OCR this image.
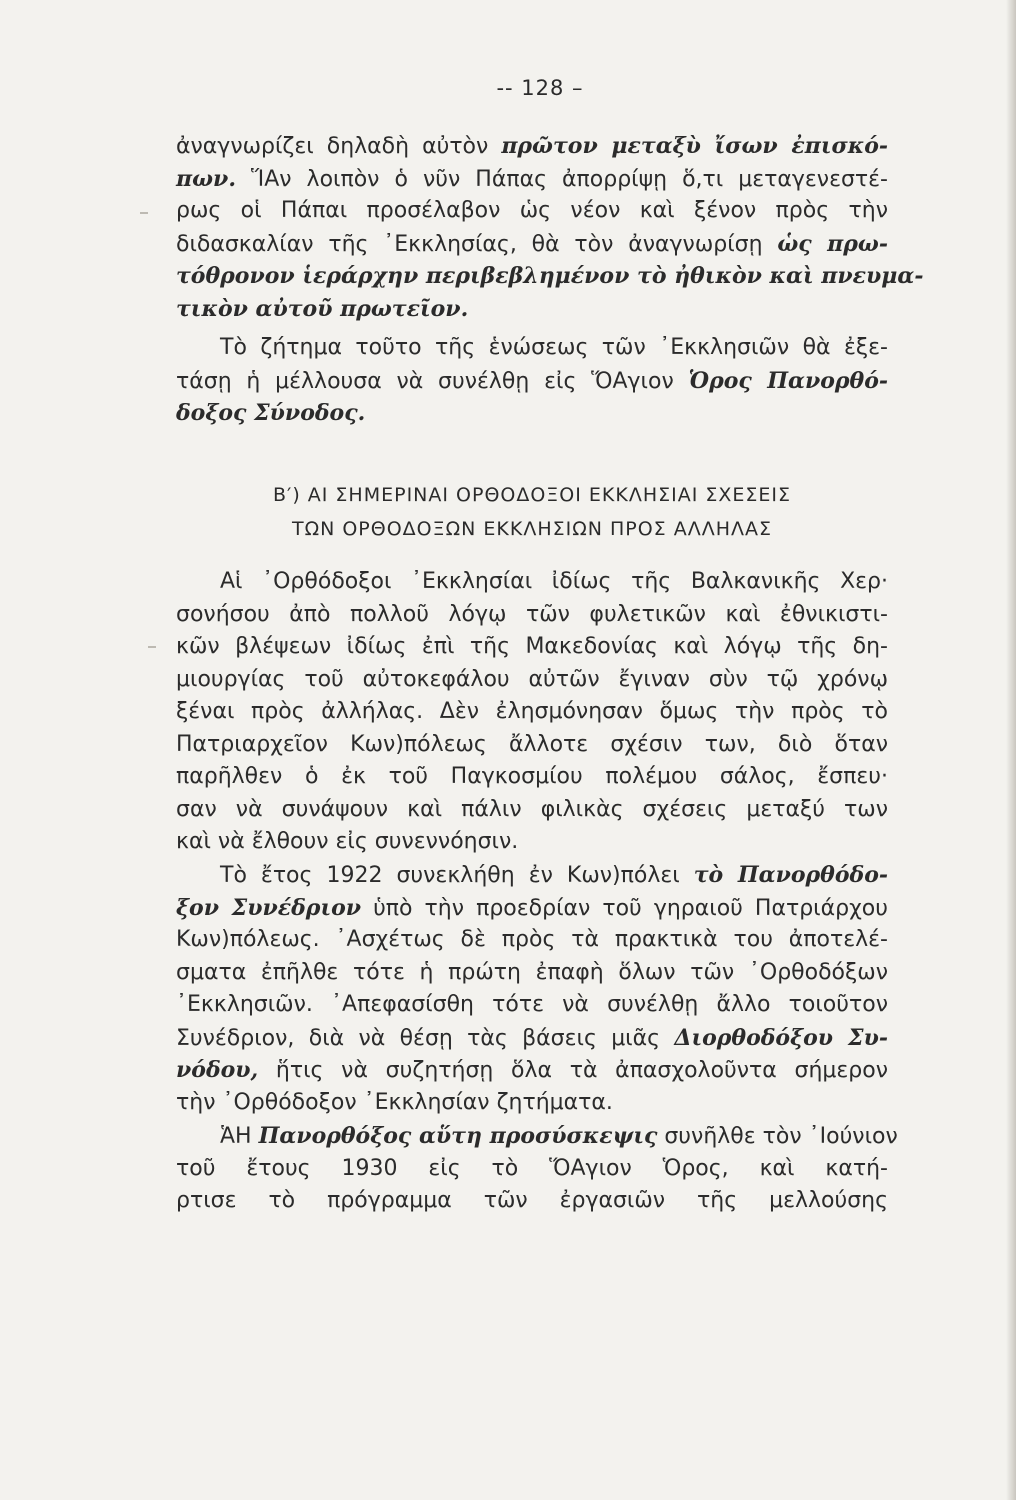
-- 128 –
ἀναγνωρίζει δηλαδὴ αὐτὸν πρῶτον μεταξὺ ἴσων ἐπισκό-
πων. ἽΑν λοιπὸν ὁ νῦν Πάπας ἀπορρίψῃ ὅ,τι μεταγενεστέ-
ρως οἱ Πάπαι προσέλαβον ὡς νέον καὶ ξένον πρὸς τὴν
διδασκαλίαν τῆς ᾿Εκκλησίας, θὰ τὸν ἀναγνωρίσῃ ὡς πρω-
τόθρονον ἱεράρχην περιβεβλημένον τὸ ἠθικὸν καὶ πνευμα-
τικὸν αὐτοῦ πρωτεῖον.
Τὸ ζήτημα τοῦτο τῆς ἑνώσεως τῶν ᾿Εκκλησιῶν θὰ ἐξε-
τάσῃ ἡ μέλλουσα νὰ συνέλθῃ εἰς ὍΑγιον Ὁρος Πανορθό-
δοξος Σύνοδος.
Β′) ΑΙ ΣΗΜΕΡΙΝΑΙ ΟΡΘΟΔΟΞΟΙ ΕΚΚΛΗΣΙΑΙ ΣΧΕΣΕΙΣ
ΤΩΝ ΟΡΘΟΔΟΞΩΝ ΕΚΚΛΗΣΙΩΝ ΠΡΟΣ ΑΛΛΗΛΑΣ
Αἱ ᾿Ορθόδοξοι ᾿Εκκλησίαι ἰδίως τῆς Βαλκανικῆς Χερ·
σονήσου ἀπὸ πολλοῦ λόγῳ τῶν φυλετικῶν καὶ ἐθνικιστι-
κῶν βλέψεων ἰδίως ἐπὶ τῆς Μακεδονίας καὶ λόγῳ τῆς δη-
μιουργίας τοῦ αὐτοκεφάλου αὐτῶν ἔγιναν σὺν τῷ χρόνῳ
ξέναι πρὸς ἀλλήλας. Δὲν ἐλησμόνησαν ὅμως τὴν πρὸς τὸ
Πατριαρχεῖον Κων)πόλεως ἄλλοτε σχέσιν των, διὸ ὅταν
παρῆλθεν ὁ ἐκ τοῦ Παγκοσμίου πολέμου σάλος, ἔσπευ·
σαν νὰ συνάψουν καὶ πάλιν φιλικὰς σχέσεις μεταξύ των
καὶ νὰ ἔλθουν εἰς συνεννόησιν.
Τὸ ἔτος 1922 συνεκλήθη ἐν Κων)πόλει τὸ Πανορθόδο-
ξον Συνέδριον ὑπὸ τὴν προεδρίαν τοῦ γηραιοῦ Πατριάρχου
Κων)πόλεως. ᾿Ασχέτως δὲ πρὸς τὰ πρακτικὰ του ἀποτελέ-
σματα ἐπῆλθε τότε ἡ πρώτη ἐπαφὴ ὅλων τῶν ᾿Ορθοδόξων
᾿Εκκλησιῶν. ᾿Απεφασίσθη τότε νὰ συνέλθῃ ἄλλο τοιοῦτον
Συνέδριον, διὰ νὰ θέσῃ τὰς βάσεις μιᾶς Διορθοδόξου Συ-
νόδου, ἥτις νὰ συζητήσῃ ὅλα τὰ ἀπασχολοῦντα σήμερον
τὴν ᾿Ορθόδοξον ᾿Εκκλησίαν ζητήματα.
ἉΗ Πανορθόξος αὕτη προσύσκεψις συνῆλθε τὸν ᾿Ιούνιον
τοῦ ἔτους 1930 εἰς τὸ ὍΑγιον Ὁρος, καὶ κατή-
ρτισε τὸ πρόγραμμα τῶν ἐργασιῶν τῆς μελλούσης
